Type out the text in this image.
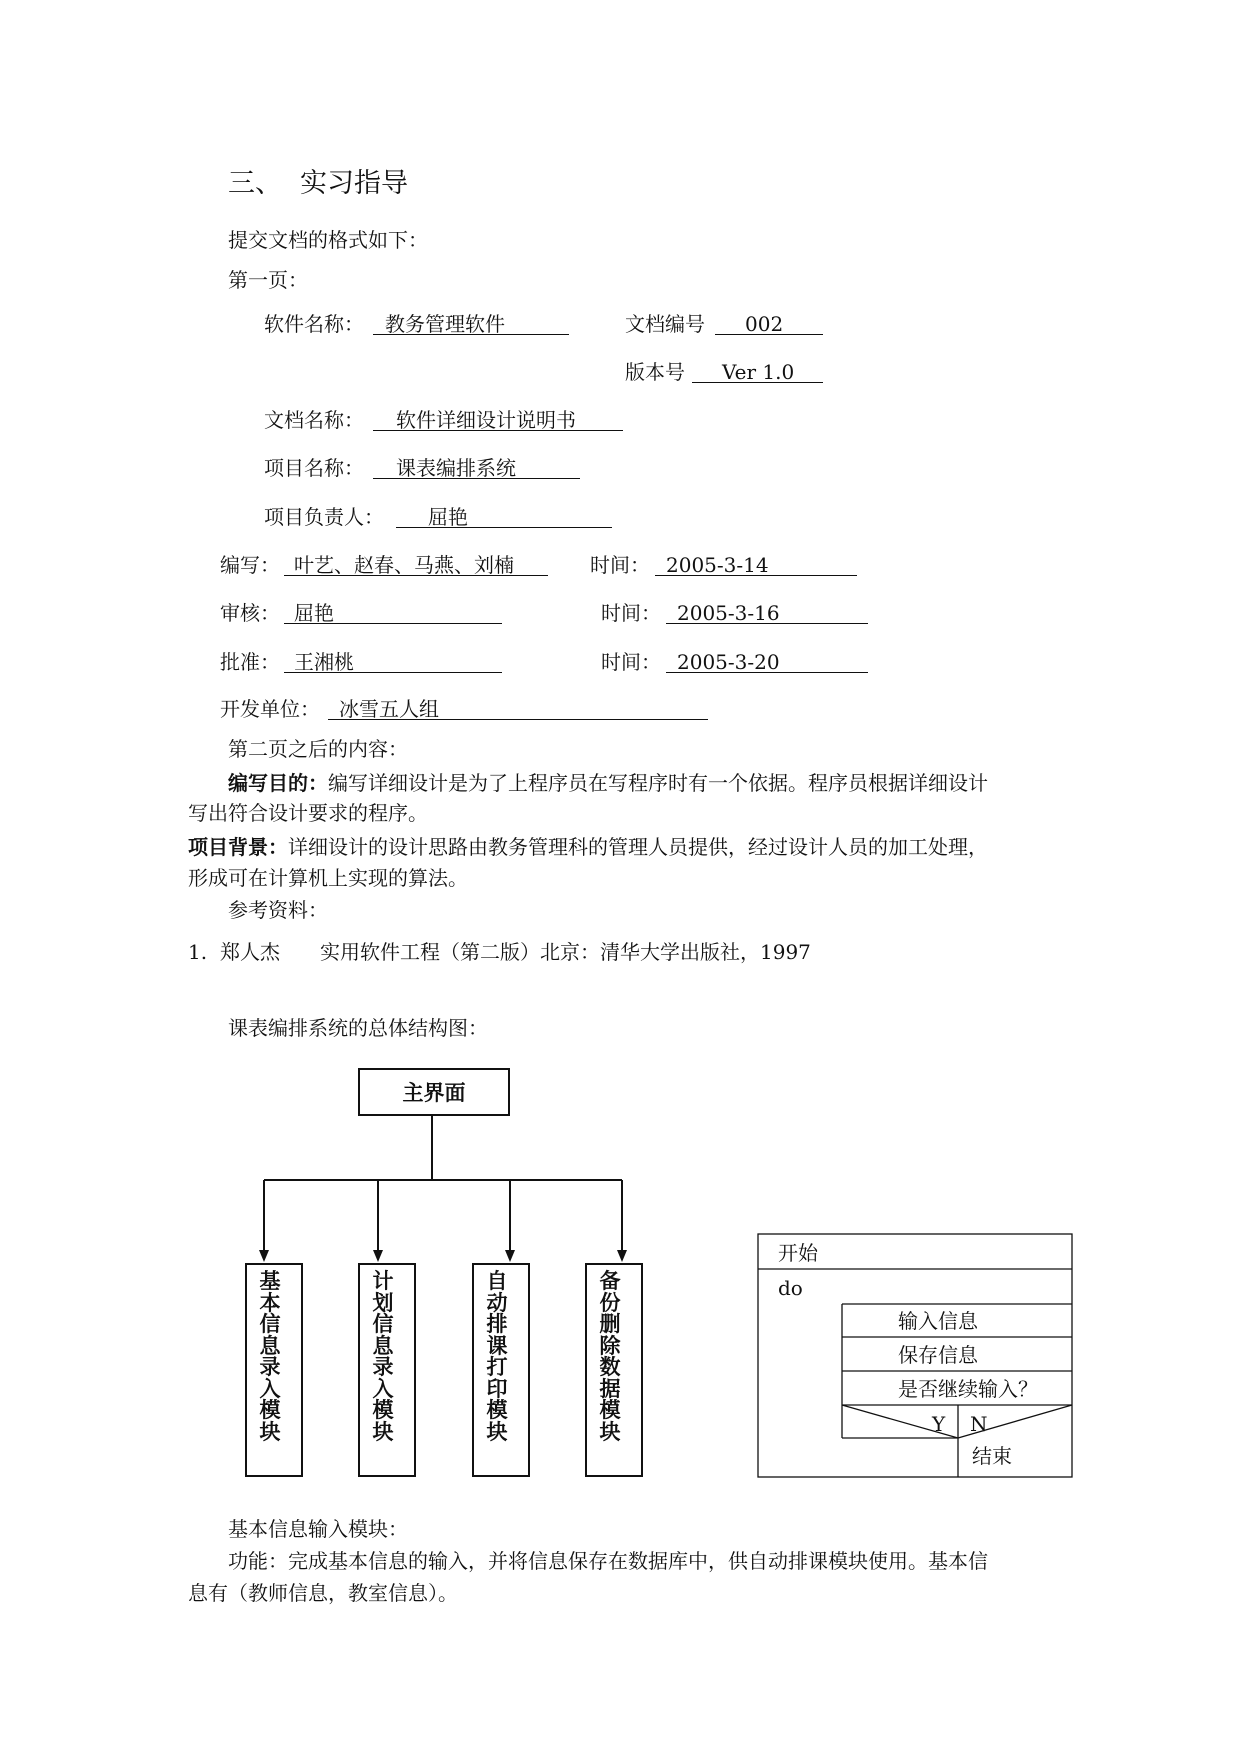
三、 实习指导
提交文档的格式如下：
第一页：
软件名称： 教务管理软件	文档编号 002
版本号 Ver 1.0
文档名称： 软件详细设计说明书
项目名称： 课表编排系统
项目负责人： 屈艳
编写： 叶艺、赵春、马燕、刘楠	时间： 2005-3-14
审核： 屈艳	时间： 2005-3-16
批准： 王湘桃	时间： 2005-3-20
开发单位： 冰雪五人组
第二页之后的内容：
编写目的：编写详细设计是为了上程序员在写程序时有一个依据。程序员根据详细设计
写出符合设计要求的程序。
项目背景：详细设计的设计思路由教务管理科的管理人员提供，经过设计人员的加工处理，
形成可在计算机上实现的算法。
参考资料：
1. 郑人杰 实用软件工程（第二版）北京：清华大学出版社，1997
课表编排系统的总体结构图：
主界面
基本信息录入模块
计划信息录入模块
自动排课打印模块
备份删除数据模块
开始
do
输入信息
保存信息
是否继续输入？
Y N
结束
基本信息输入模块：
功能：完成基本信息的输入，并将信息保存在数据库中，供自动排课模块使用。基本信
息有（教师信息，教室信息）。
